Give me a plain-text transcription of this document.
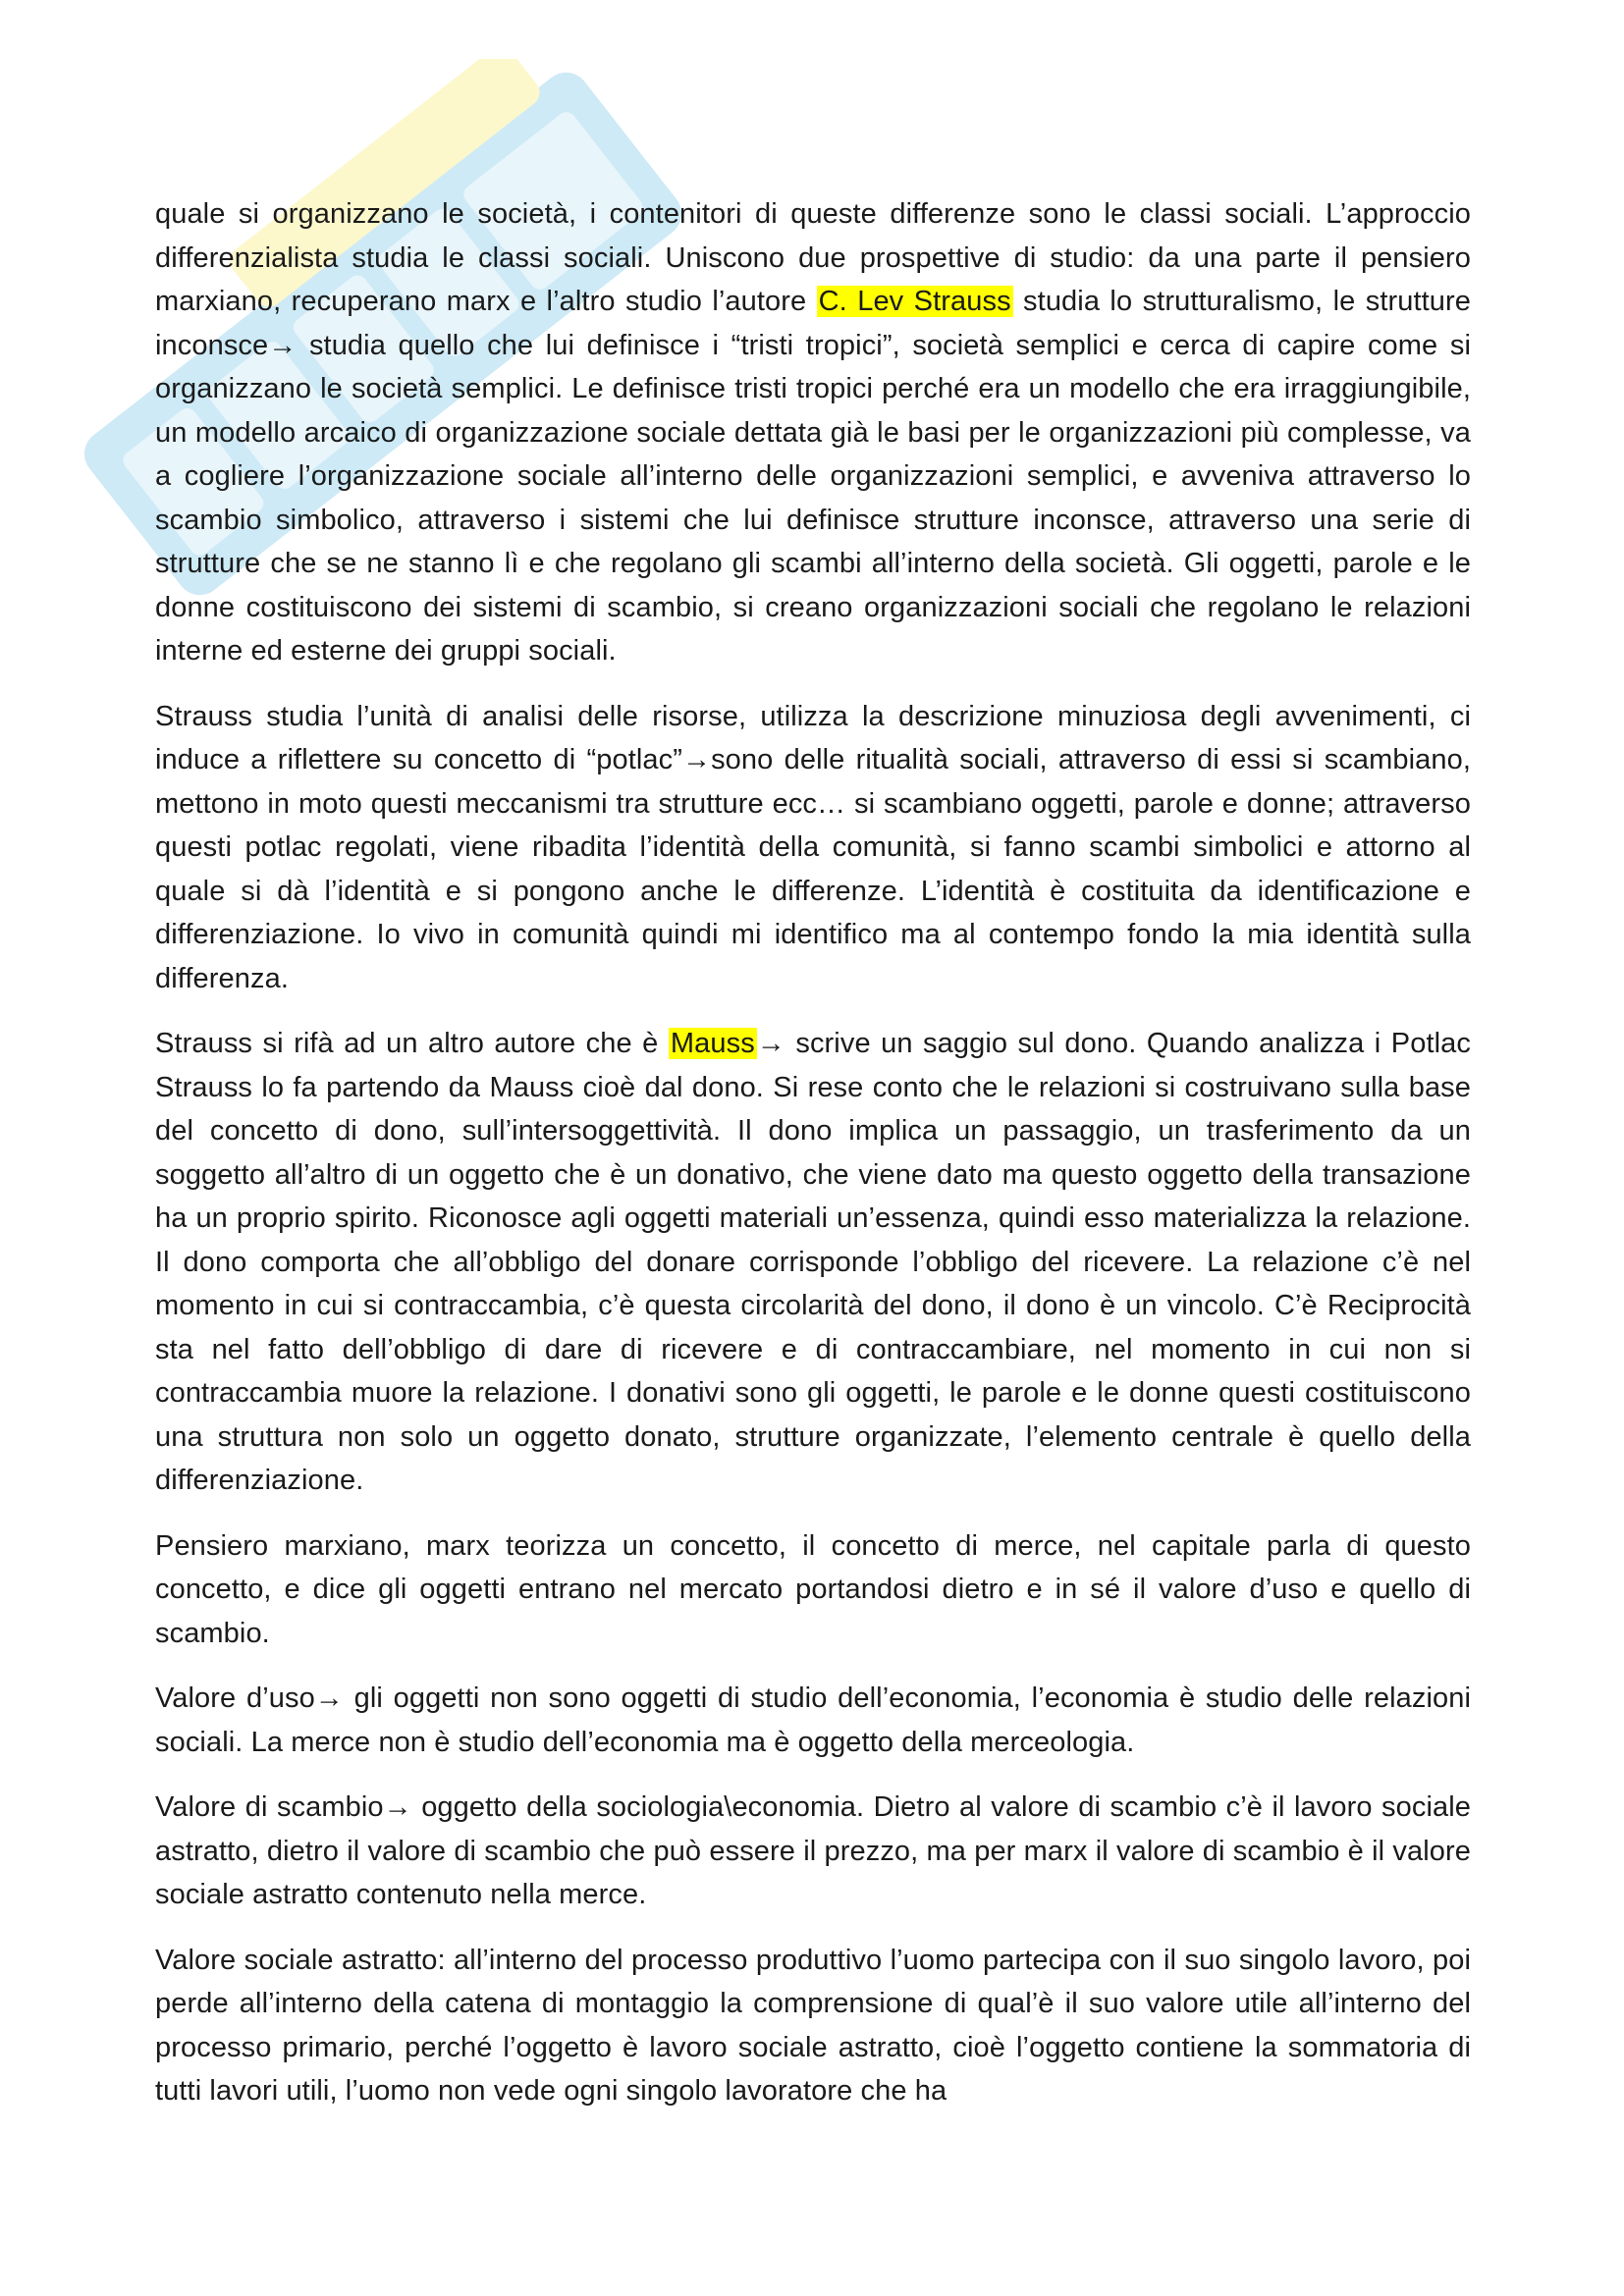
quale si organizzano le società, i contenitori di queste differenze sono le classi sociali. L’approccio differenzialista studia le classi sociali. Uniscono due prospettive di studio: da una parte il pensiero marxiano, recuperano marx e l’altro studio l’autore C. Lev Strauss studia lo strutturalismo, le strutture inconsce→ studia quello che lui definisce i “tristi tropici”, società semplici e cerca di capire come si organizzano le società semplici. Le definisce tristi tropici perché era un modello che era irraggiungibile, un modello arcaico di organizzazione sociale dettata già le basi per le organizzazioni più complesse, va a cogliere l’organizzazione sociale all’interno delle organizzazioni semplici, e avveniva attraverso lo scambio simbolico, attraverso i sistemi che lui definisce strutture inconsce, attraverso una serie di strutture che se ne stanno lì e che regolano gli scambi all’interno della società. Gli oggetti, parole e le donne costituiscono dei sistemi di scambio, si creano organizzazioni sociali che regolano le relazioni interne ed esterne dei gruppi sociali.

Strauss studia l’unità di analisi delle risorse, utilizza la descrizione minuziosa degli avvenimenti, ci induce a riflettere su concetto di “potlac”→sono delle ritualità sociali, attraverso di essi si scambiano, mettono in moto questi meccanismi tra strutture ecc… si scambiano oggetti, parole e donne; attraverso questi potlac regolati, viene ribadita l’identità della comunità, si fanno scambi simbolici e attorno al quale si dà l’identità e si pongono anche le differenze. L’identità è costituita da identificazione e differenziazione. Io vivo in comunità quindi mi identifico ma al contempo fondo la mia identità sulla differenza.

Strauss si rifà ad un altro autore che è Mauss→ scrive un saggio sul dono. Quando analizza i Potlac Strauss lo fa partendo da Mauss cioè dal dono. Si rese conto che le relazioni si costruivano sulla base del concetto di dono, sull’intersoggettività. Il dono implica un passaggio, un trasferimento da un soggetto all’altro di un oggetto che è un donativo, che viene dato ma questo oggetto della transazione ha un proprio spirito. Riconosce agli oggetti materiali un’essenza, quindi esso materializza la relazione. Il dono comporta che all’obbligo del donare corrisponde l’obbligo del ricevere. La relazione c’è nel momento in cui si contraccambia, c’è questa circolarità del dono, il dono è un vincolo. C’è Reciprocità sta nel fatto dell’obbligo di dare di ricevere e di contraccambiare, nel momento in cui non si contraccambia muore la relazione. I donativi sono gli oggetti, le parole e le donne questi costituiscono una struttura non solo un oggetto donato, strutture organizzate, l’elemento centrale è quello della differenziazione.

Pensiero marxiano, marx teorizza un concetto, il concetto di merce, nel capitale parla di questo concetto, e dice gli oggetti entrano nel mercato portandosi dietro e in sé il valore d’uso e quello di scambio.

Valore d’uso→ gli oggetti non sono oggetti di studio dell’economia, l’economia è studio delle relazioni sociali. La merce non è studio dell’economia ma è oggetto della merceologia.

Valore di scambio→ oggetto della sociologia\economia. Dietro al valore di scambio c’è il lavoro sociale astratto, dietro il valore di scambio che può essere il prezzo, ma per marx il valore di scambio è il valore sociale astratto contenuto nella merce.

Valore sociale astratto: all’interno del processo produttivo l’uomo partecipa con il suo singolo lavoro, poi perde all’interno della catena di montaggio la comprensione di qual’è il suo valore utile all’interno del processo primario, perché l’oggetto è lavoro sociale astratto, cioè l’oggetto contiene la sommatoria di tutti lavori utili, l’uomo non vede ogni singolo lavoratore che ha
